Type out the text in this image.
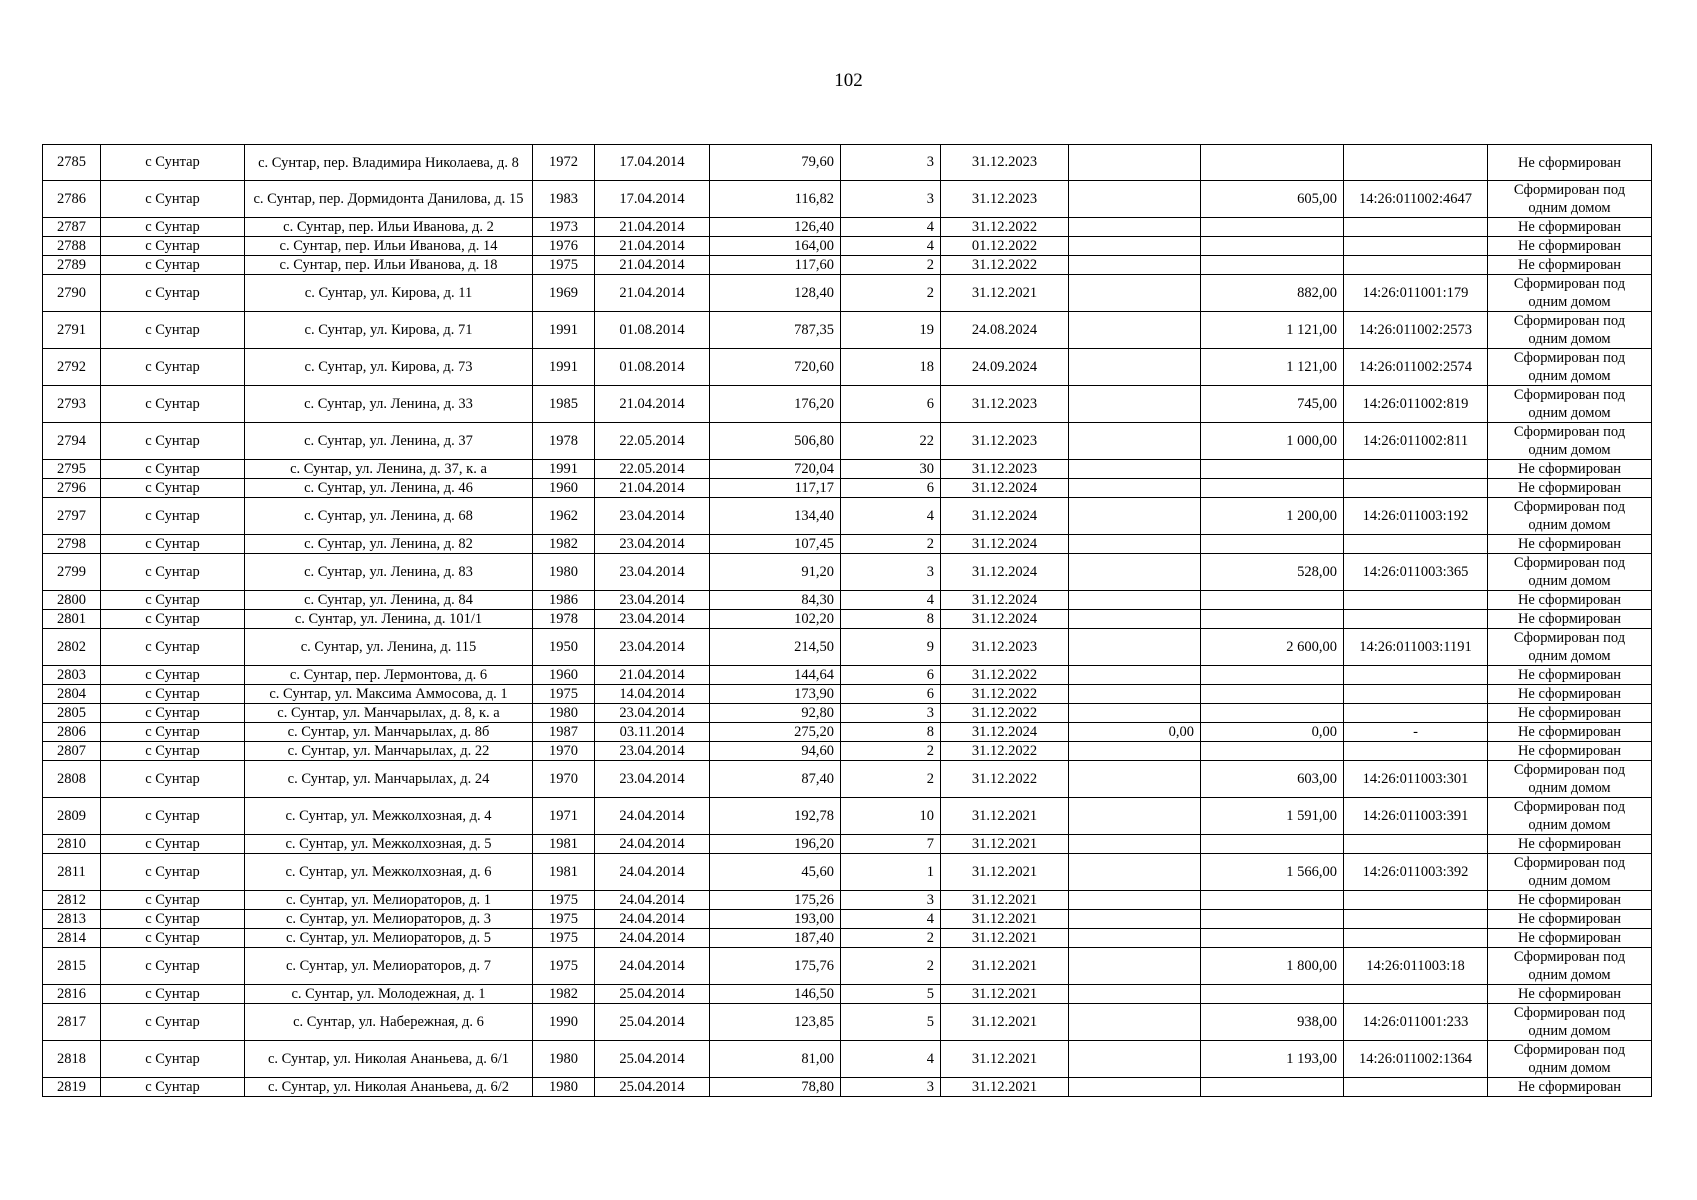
102
2785	с Сунтар	с. Сунтар, пер. Владимира Николаева, д. 8	1972	17.04.2014	79,60	3	31.12.2023				Не сформирован
2786	с Сунтар	с. Сунтар, пер. Дормидонта Данилова, д. 15	1983	17.04.2014	116,82	3	31.12.2023		605,00	14:26:011002:4647	Сформирован под одним домом
2787	с Сунтар	с. Сунтар, пер. Ильи Иванова, д. 2	1973	21.04.2014	126,40	4	31.12.2022				Не сформирован
2788	с Сунтар	с. Сунтар, пер. Ильи Иванова, д. 14	1976	21.04.2014	164,00	4	01.12.2022				Не сформирован
2789	с Сунтар	с. Сунтар, пер. Ильи Иванова, д. 18	1975	21.04.2014	117,60	2	31.12.2022				Не сформирован
2790	с Сунтар	с. Сунтар, ул. Кирова, д. 11	1969	21.04.2014	128,40	2	31.12.2021		882,00	14:26:011001:179	Сформирован под одним домом
2791	с Сунтар	с. Сунтар, ул. Кирова, д. 71	1991	01.08.2014	787,35	19	24.08.2024		1 121,00	14:26:011002:2573	Сформирован под одним домом
2792	с Сунтар	с. Сунтар, ул. Кирова, д. 73	1991	01.08.2014	720,60	18	24.09.2024		1 121,00	14:26:011002:2574	Сформирован под одним домом
2793	с Сунтар	с. Сунтар, ул. Ленина, д. 33	1985	21.04.2014	176,20	6	31.12.2023		745,00	14:26:011002:819	Сформирован под одним домом
2794	с Сунтар	с. Сунтар, ул. Ленина, д. 37	1978	22.05.2014	506,80	22	31.12.2023		1 000,00	14:26:011002:811	Сформирован под одним домом
2795	с Сунтар	с. Сунтар, ул. Ленина, д. 37, к. а	1991	22.05.2014	720,04	30	31.12.2023				Не сформирован
2796	с Сунтар	с. Сунтар, ул. Ленина, д. 46	1960	21.04.2014	117,17	6	31.12.2024				Не сформирован
2797	с Сунтар	с. Сунтар, ул. Ленина, д. 68	1962	23.04.2014	134,40	4	31.12.2024		1 200,00	14:26:011003:192	Сформирован под одним домом
2798	с Сунтар	с. Сунтар, ул. Ленина, д. 82	1982	23.04.2014	107,45	2	31.12.2024				Не сформирован
2799	с Сунтар	с. Сунтар, ул. Ленина, д. 83	1980	23.04.2014	91,20	3	31.12.2024		528,00	14:26:011003:365	Сформирован под одним домом
2800	с Сунтар	с. Сунтар, ул. Ленина, д. 84	1986	23.04.2014	84,30	4	31.12.2024				Не сформирован
2801	с Сунтар	с. Сунтар, ул. Ленина, д. 101/1	1978	23.04.2014	102,20	8	31.12.2024				Не сформирован
2802	с Сунтар	с. Сунтар, ул. Ленина, д. 115	1950	23.04.2014	214,50	9	31.12.2023		2 600,00	14:26:011003:1191	Сформирован под одним домом
2803	с Сунтар	с. Сунтар, пер. Лермонтова, д. 6	1960	21.04.2014	144,64	6	31.12.2022				Не сформирован
2804	с Сунтар	с. Сунтар, ул. Максима Аммосова, д. 1	1975	14.04.2014	173,90	6	31.12.2022				Не сформирован
2805	с Сунтар	с. Сунтар, ул. Манчарылах, д. 8, к. а	1980	23.04.2014	92,80	3	31.12.2022				Не сформирован
2806	с Сунтар	с. Сунтар, ул. Манчарылах, д. 8б	1987	03.11.2014	275,20	8	31.12.2024	0,00	0,00	-	Не сформирован
2807	с Сунтар	с. Сунтар, ул. Манчарылах, д. 22	1970	23.04.2014	94,60	2	31.12.2022				Не сформирован
2808	с Сунтар	с. Сунтар, ул. Манчарылах, д. 24	1970	23.04.2014	87,40	2	31.12.2022		603,00	14:26:011003:301	Сформирован под одним домом
2809	с Сунтар	с. Сунтар, ул. Межколхозная, д. 4	1971	24.04.2014	192,78	10	31.12.2021		1 591,00	14:26:011003:391	Сформирован под одним домом
2810	с Сунтар	с. Сунтар, ул. Межколхозная, д. 5	1981	24.04.2014	196,20	7	31.12.2021				Не сформирован
2811	с Сунтар	с. Сунтар, ул. Межколхозная, д. 6	1981	24.04.2014	45,60	1	31.12.2021		1 566,00	14:26:011003:392	Сформирован под одним домом
2812	с Сунтар	с. Сунтар, ул. Мелиораторов, д. 1	1975	24.04.2014	175,26	3	31.12.2021				Не сформирован
2813	с Сунтар	с. Сунтар, ул. Мелиораторов, д. 3	1975	24.04.2014	193,00	4	31.12.2021				Не сформирован
2814	с Сунтар	с. Сунтар, ул. Мелиораторов, д. 5	1975	24.04.2014	187,40	2	31.12.2021				Не сформирован
2815	с Сунтар	с. Сунтар, ул. Мелиораторов, д. 7	1975	24.04.2014	175,76	2	31.12.2021		1 800,00	14:26:011003:18	Сформирован под одним домом
2816	с Сунтар	с. Сунтар, ул. Молодежная, д. 1	1982	25.04.2014	146,50	5	31.12.2021				Не сформирован
2817	с Сунтар	с. Сунтар, ул. Набережная, д. 6	1990	25.04.2014	123,85	5	31.12.2021		938,00	14:26:011001:233	Сформирован под одним домом
2818	с Сунтар	с. Сунтар, ул. Николая Ананьева, д. 6/1	1980	25.04.2014	81,00	4	31.12.2021		1 193,00	14:26:011002:1364	Сформирован под одним домом
2819	с Сунтар	с. Сунтар, ул. Николая Ананьева, д. 6/2	1980	25.04.2014	78,80	3	31.12.2021				Не сформирован
